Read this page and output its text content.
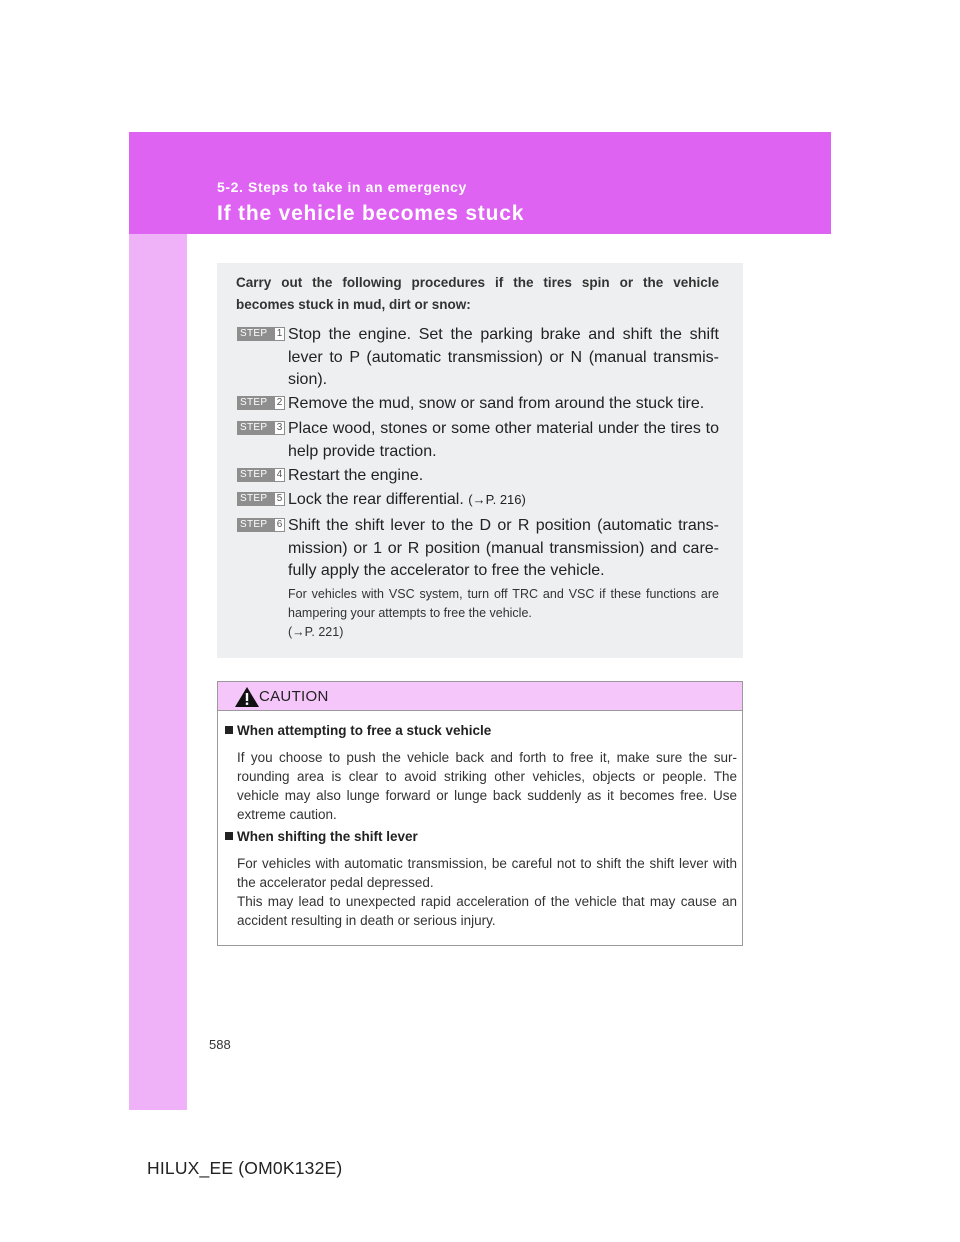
5-2. Steps to take in an emergency
If the vehicle becomes stuck
Carry out the following procedures if the tires spin or the vehicle
becomes stuck in mud, dirt or snow:
STEP 1 Stop the engine. Set the parking brake and shift the shift lever to P (automatic transmission) or N (manual transmis-sion).
STEP 2 Remove the mud, snow or sand from around the stuck tire.
STEP 3 Place wood, stones or some other material under the tires to help provide traction.
STEP 4 Restart the engine.
STEP 5 Lock the rear differential. (→P. 216)
STEP 6 Shift the shift lever to the D or R position (automatic trans-mission) or 1 or R position (manual transmission) and care-fully apply the accelerator to free the vehicle.
For vehicles with VSC system, turn off TRC and VSC if these functions are hampering your attempts to free the vehicle.
(→P. 221)
CAUTION
When attempting to free a stuck vehicle
If you choose to push the vehicle back and forth to free it, make sure the sur-rounding area is clear to avoid striking other vehicles, objects or people. The vehicle may also lunge forward or lunge back suddenly as it becomes free. Use extreme caution.
When shifting the shift lever
For vehicles with automatic transmission, be careful not to shift the shift lever with the accelerator pedal depressed.
This may lead to unexpected rapid acceleration of the vehicle that may cause an accident resulting in death or serious injury.
588
HILUX_EE (OM0K132E)
